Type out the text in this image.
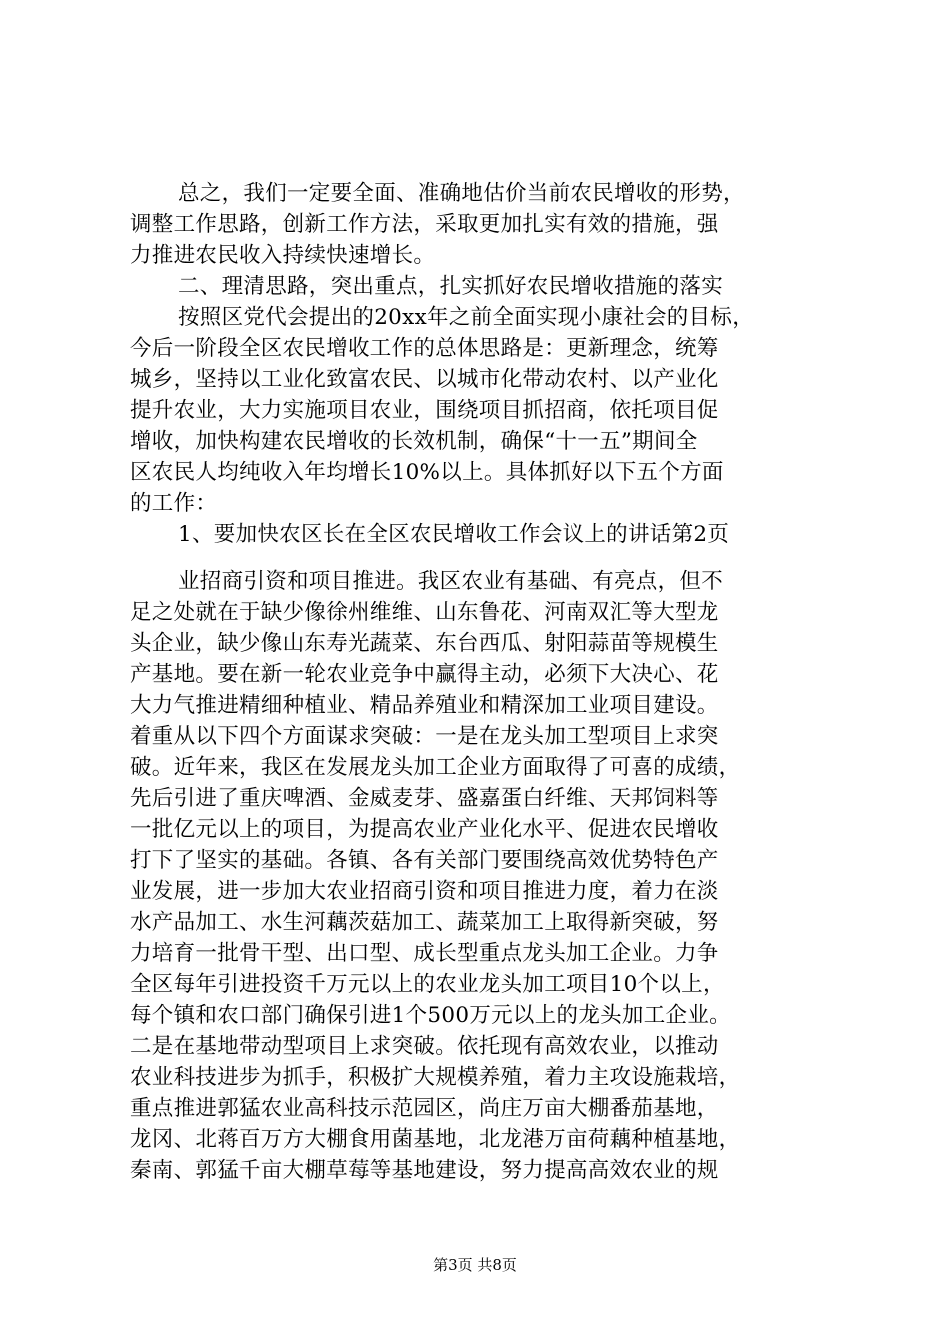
总之，我们一定要全面、准确地估价当前农民增收的形势，
调整工作思路，创新工作方法，采取更加扎实有效的措施，强
力推进农民收入持续快速增长。
二、理清思路，突出重点，扎实抓好农民增收措施的落实
按照区党代会提出的20xx年之前全面实现小康社会的目标，
今后一阶段全区农民增收工作的总体思路是：更新理念，统筹
城乡，坚持以工业化致富农民、以城市化带动农村、以产业化
提升农业，大力实施项目农业，围绕项目抓招商，依托项目促
增收，加快构建农民增收的长效机制，确保“十一五”期间全
区农民人均纯收入年均增长10%以上。具体抓好以下五个方面
的工作：
1、要加快农区长在全区农民增收工作会议上的讲话第2页
业招商引资和项目推进。我区农业有基础、有亮点，但不
足之处就在于缺少像徐州维维、山东鲁花、河南双汇等大型龙
头企业，缺少像山东寿光蔬菜、东台西瓜、射阳蒜苗等规模生
产基地。要在新一轮农业竞争中赢得主动，必须下大决心、花
大力气推进精细种植业、精品养殖业和精深加工业项目建设。
着重从以下四个方面谋求突破：一是在龙头加工型项目上求突
破。近年来，我区在发展龙头加工企业方面取得了可喜的成绩，
先后引进了重庆啤酒、金威麦芽、盛嘉蛋白纤维、天邦饲料等
一批亿元以上的项目，为提高农业产业化水平、促进农民增收
打下了坚实的基础。各镇、各有关部门要围绕高效优势特色产
业发展，进一步加大农业招商引资和项目推进力度，着力在淡
水产品加工、水生河藕茨菇加工、蔬菜加工上取得新突破，努
力培育一批骨干型、出口型、成长型重点龙头加工企业。力争
全区每年引进投资千万元以上的农业龙头加工项目10个以上，
每个镇和农口部门确保引进1个500万元以上的龙头加工企业。
二是在基地带动型项目上求突破。依托现有高效农业，以推动
农业科技进步为抓手，积极扩大规模养殖，着力主攻设施栽培，
重点推进郭猛农业高科技示范园区，尚庄万亩大棚番茄基地，
龙冈、北蒋百万方大棚食用菌基地，北龙港万亩荷藕种植基地，
秦南、郭猛千亩大棚草莓等基地建设，努力提高高效农业的规
第3页 共8页
